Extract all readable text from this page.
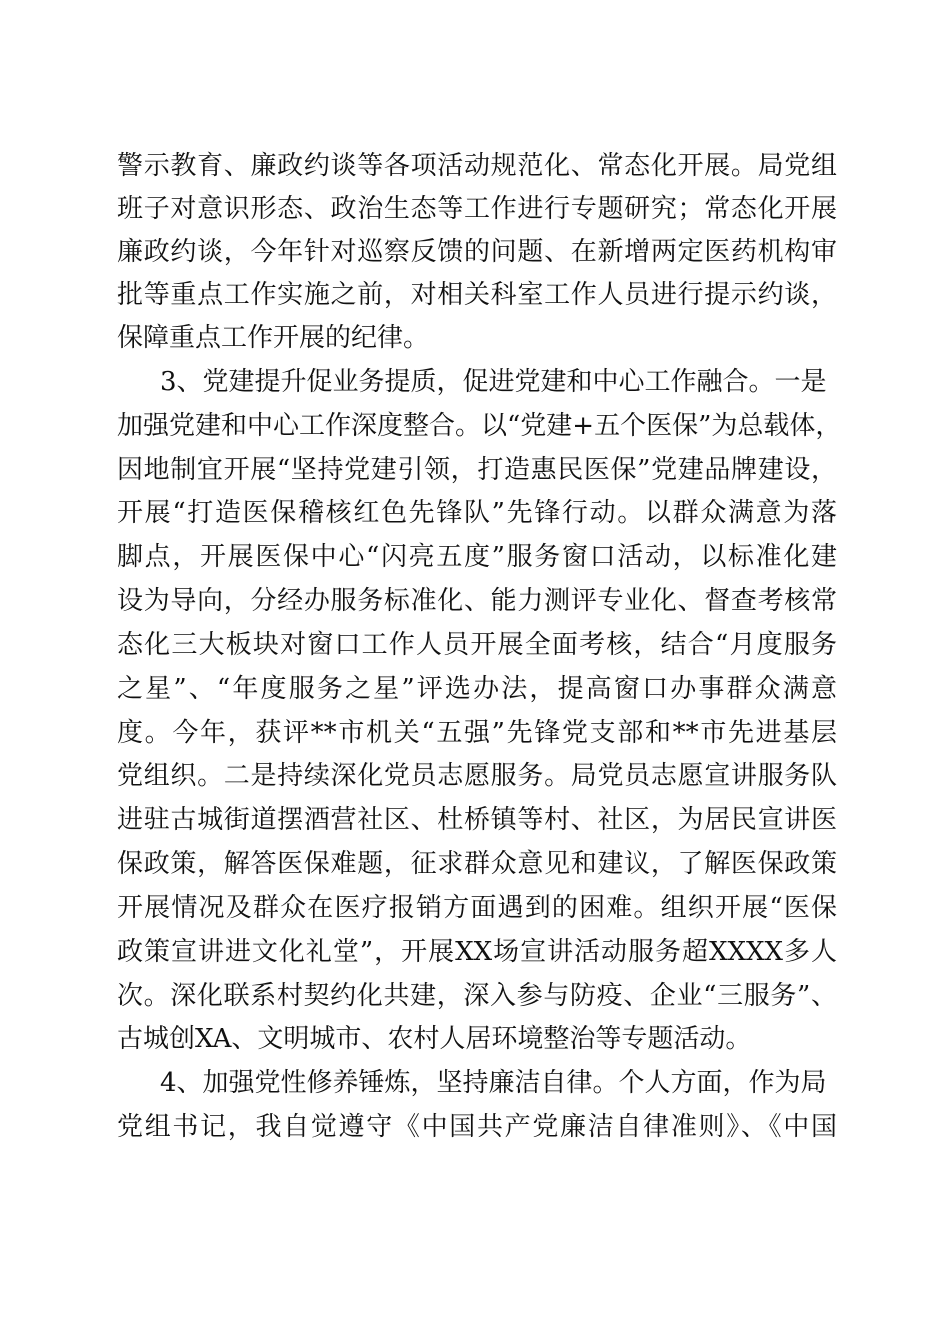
警示教育、廉政约谈等各项活动规范化、常态化开展。局党组
班子对意识形态、政治生态等工作进行专题研究；常态化开展
廉政约谈，今年针对巡察反馈的问题、在新增两定医药机构审
批等重点工作实施之前，对相关科室工作人员进行提示约谈，
保障重点工作开展的纪律。
3、党建提升促业务提质，促进党建和中心工作融合。一是
加强党建和中心工作深度整合。以“党建+五个医保”为总载体，
因地制宜开展“坚持党建引领，打造惠民医保”党建品牌建设，
开展“打造医保稽核红色先锋队”先锋行动。以群众满意为落
脚点，开展医保中心“闪亮五度”服务窗口活动，以标准化建
设为导向，分经办服务标准化、能力测评专业化、督查考核常
态化三大板块对窗口工作人员开展全面考核，结合“月度服务
之星”、“年度服务之星”评选办法，提高窗口办事群众满意
度。今年，获评**市机关“五强”先锋党支部和**市先进基层
党组织。二是持续深化党员志愿服务。局党员志愿宣讲服务队
进驻古城街道摆酒营社区、杜桥镇等村、社区，为居民宣讲医
保政策，解答医保难题，征求群众意见和建议，了解医保政策
开展情况及群众在医疗报销方面遇到的困难。组织开展“医保
政策宣讲进文化礼堂”，开展XX场宣讲活动服务超XXXX多人
次。深化联系村契约化共建，深入参与防疫、企业“三服务”、
古城创XA、文明城市、农村人居环境整治等专题活动。
4、加强党性修养锤炼，坚持廉洁自律。个人方面，作为局
党组书记，我自觉遵守《中国共产党廉洁自律准则》、《中国
